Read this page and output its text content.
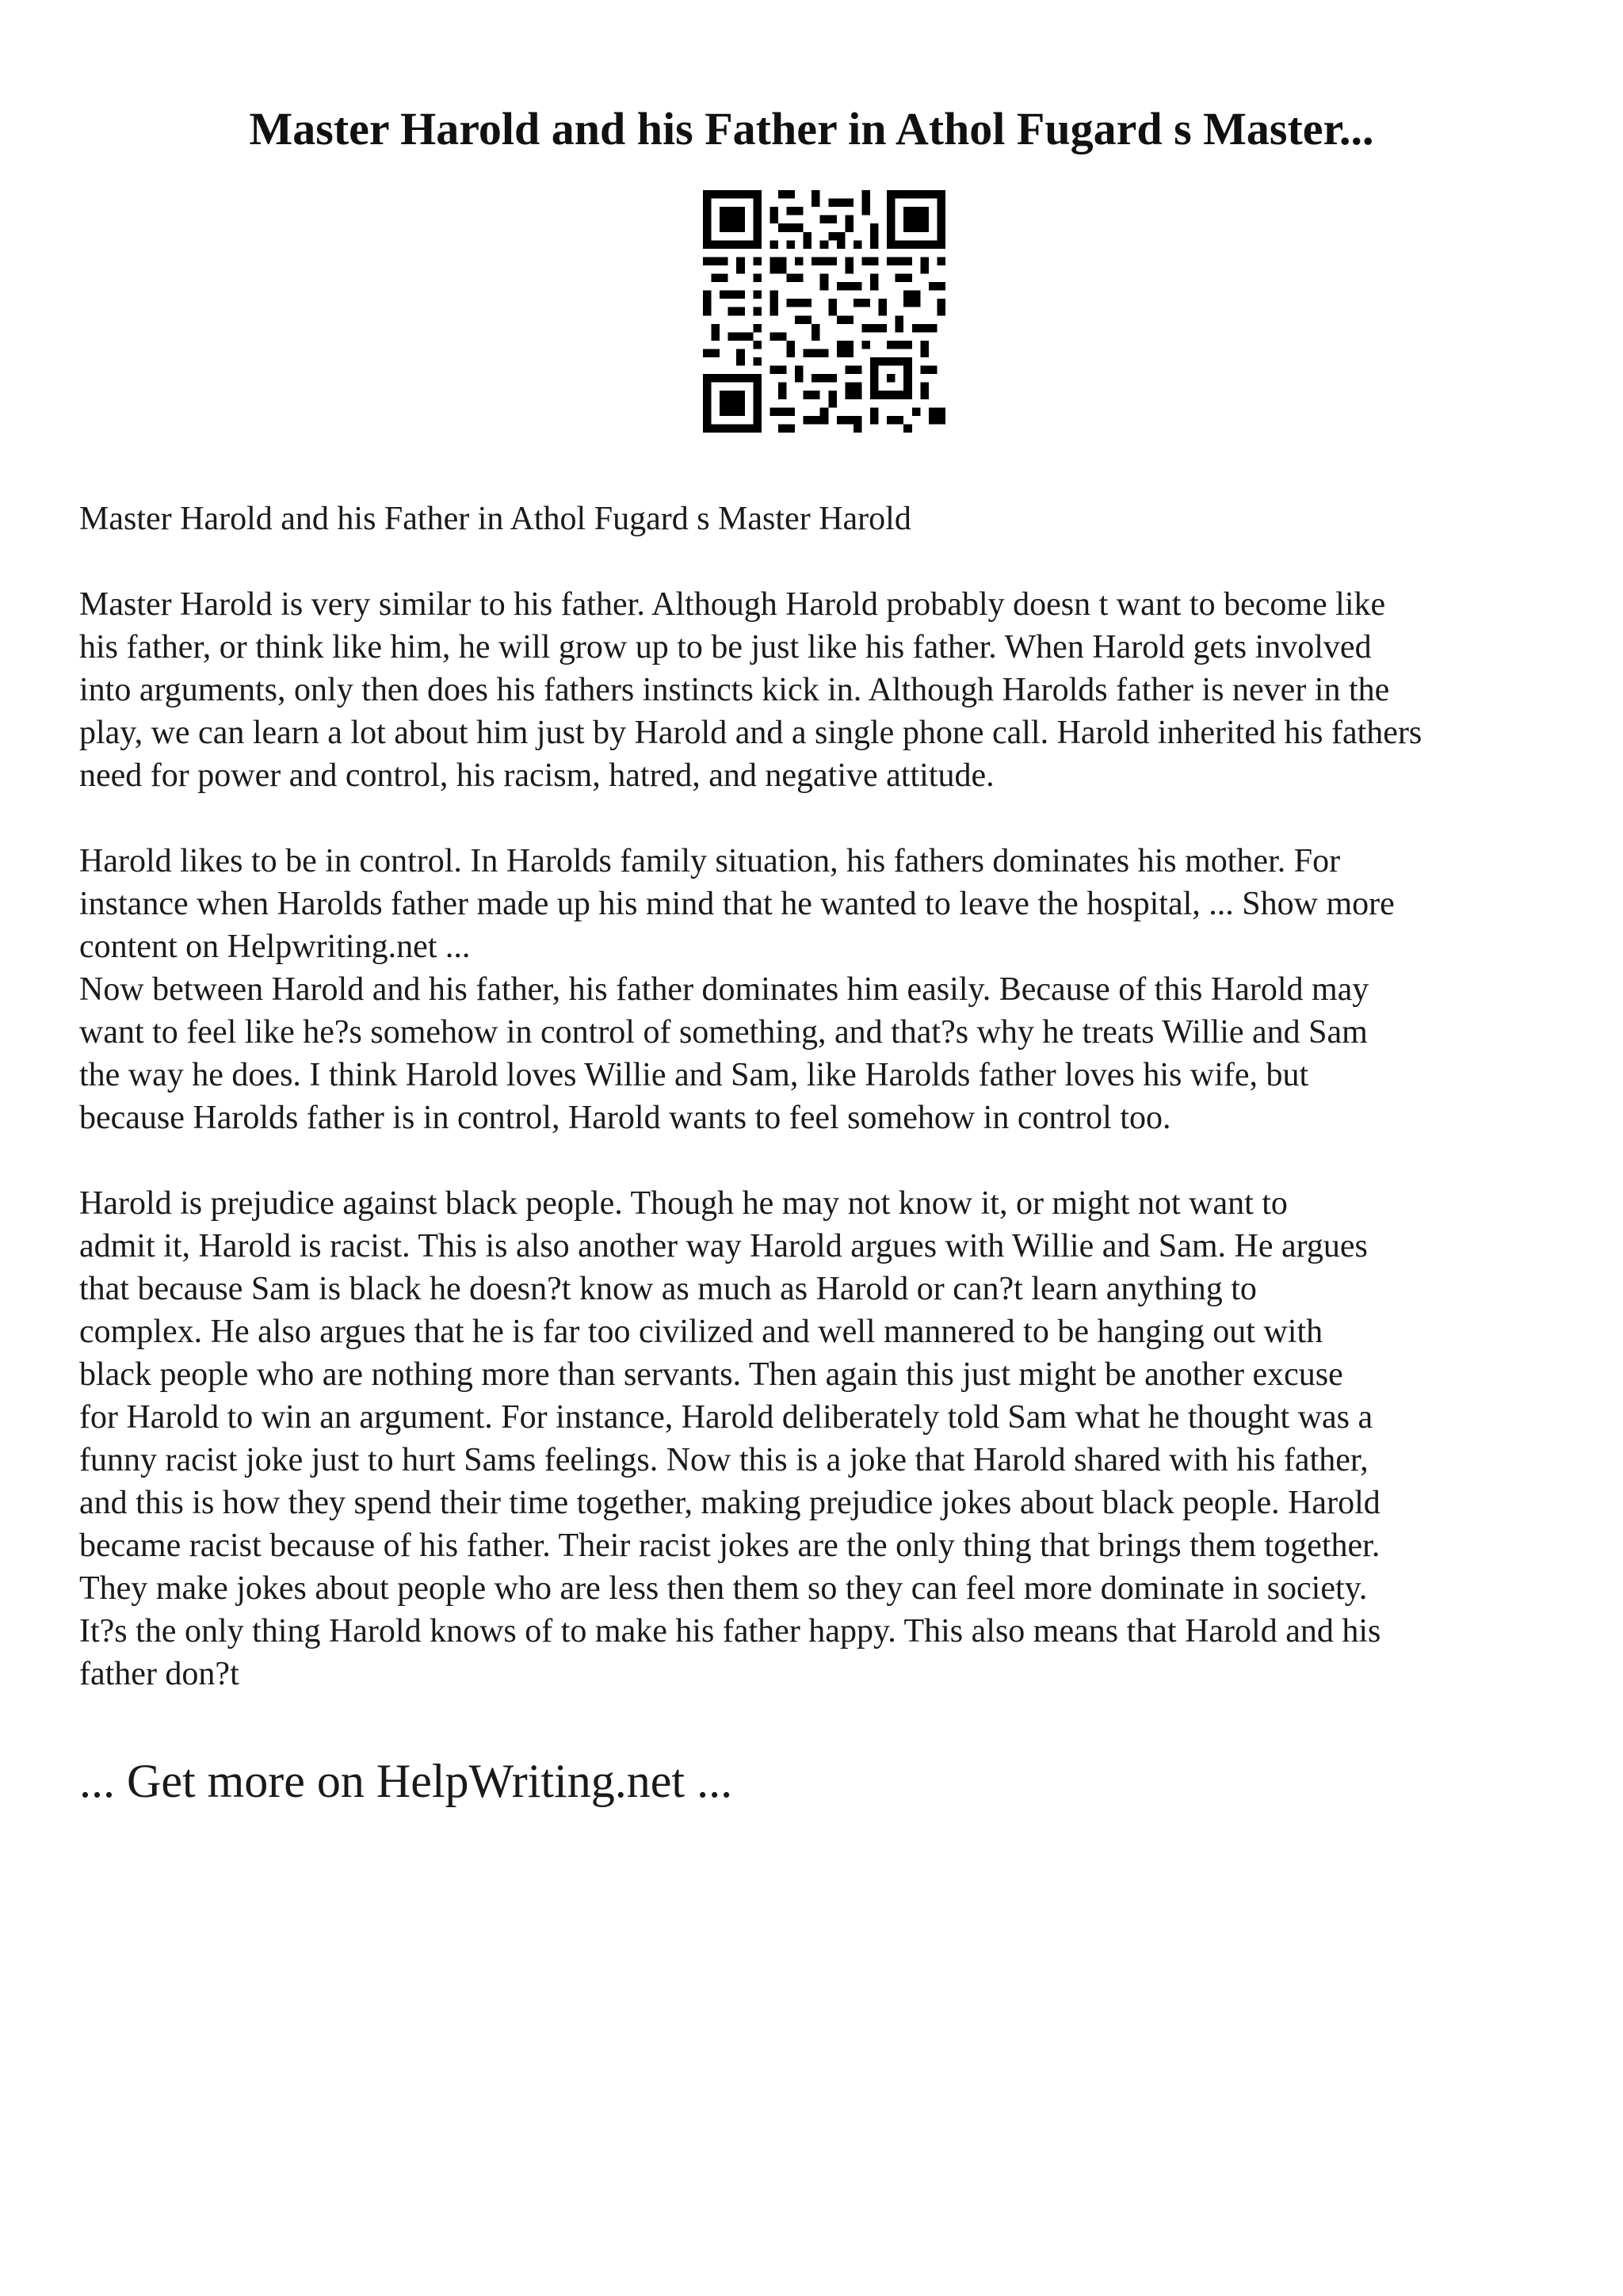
Master Harold and his Father in Athol Fugard s Master...

Master Harold and his Father in Athol Fugard s Master Harold

Master Harold is very similar to his father. Although Harold probably doesn t want to become like
his father, or think like him, he will grow up to be just like his father. When Harold gets involved
into arguments, only then does his fathers instincts kick in. Although Harolds father is never in the
play, we can learn a lot about him just by Harold and a single phone call. Harold inherited his fathers
need for power and control, his racism, hatred, and negative attitude.

Harold likes to be in control. In Harolds family situation, his fathers dominates his mother. For
instance when Harolds father made up his mind that he wanted to leave the hospital, ... Show more
content on Helpwriting.net ...
Now between Harold and his father, his father dominates him easily. Because of this Harold may
want to feel like he?s somehow in control of something, and that?s why he treats Willie and Sam
the way he does. I think Harold loves Willie and Sam, like Harolds father loves his wife, but
because Harolds father is in control, Harold wants to feel somehow in control too.

Harold is prejudice against black people. Though he may not know it, or might not want to
admit it, Harold is racist. This is also another way Harold argues with Willie and Sam. He argues
that because Sam is black he doesn?t know as much as Harold or can?t learn anything to
complex. He also argues that he is far too civilized and well mannered to be hanging out with
black people who are nothing more than servants. Then again this just might be another excuse
for Harold to win an argument. For instance, Harold deliberately told Sam what he thought was a
funny racist joke just to hurt Sams feelings. Now this is a joke that Harold shared with his father,
and this is how they spend their time together, making prejudice jokes about black people. Harold
became racist because of his father. Their racist jokes are the only thing that brings them together.
They make jokes about people who are less then them so they can feel more dominate in society.
It?s the only thing Harold knows of to make his father happy. This also means that Harold and his
father don?t

... Get more on HelpWriting.net ...
